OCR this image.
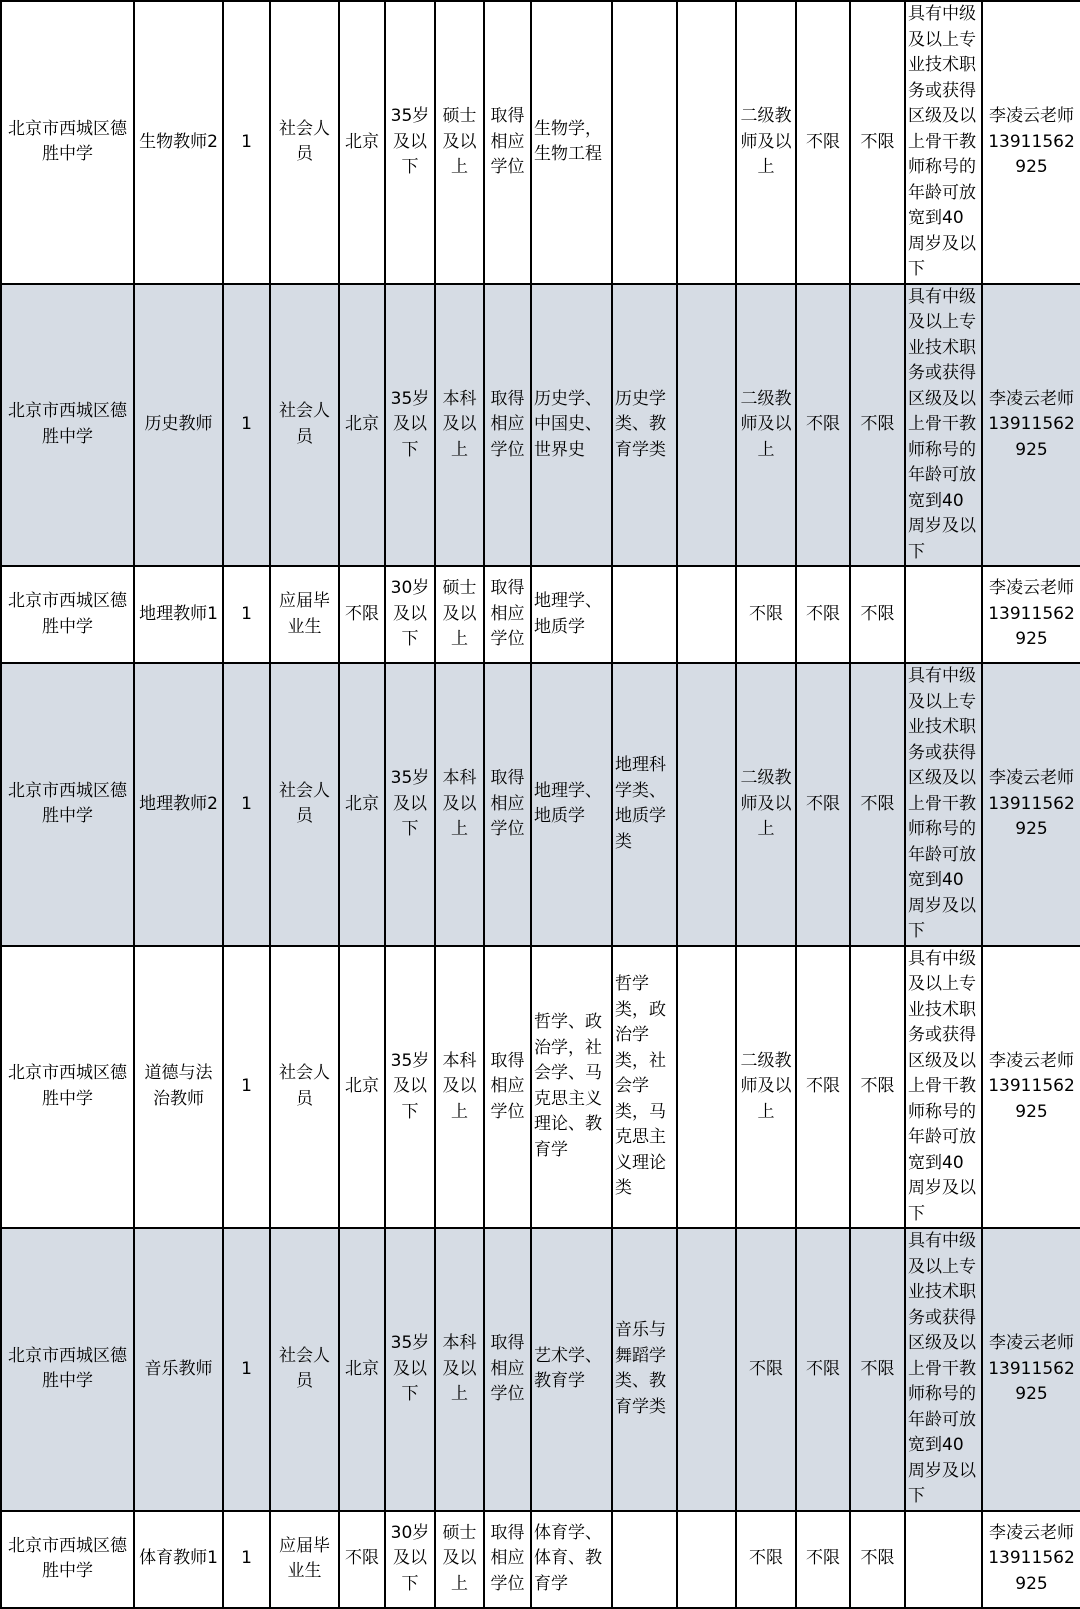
北京市西城区德胜中学	生物教师2	1	社会人员	北京	35岁及以下	硕士及以上	取得相应学位	生物学，生物工程			二级教师及以上	不限	不限	具有中级及以上专业技术职务或获得区级及以上骨干教师称号的年龄可放宽到40周岁及以下	李凌云老师13911562925
北京市西城区德胜中学	历史教师	1	社会人员	北京	35岁及以下	本科及以上	取得相应学位	历史学、中国史、世界史	历史学类、教育学类		二级教师及以上	不限	不限	具有中级及以上专业技术职务或获得区级及以上骨干教师称号的年龄可放宽到40周岁及以下	李凌云老师13911562925
北京市西城区德胜中学	地理教师1	1	应届毕业生	不限	30岁及以下	硕士及以上	取得相应学位	地理学、地质学			不限	不限	不限		李凌云老师13911562925
北京市西城区德胜中学	地理教师2	1	社会人员	北京	35岁及以下	本科及以上	取得相应学位	地理学、地质学	地理科学类、地质学类		二级教师及以上	不限	不限	具有中级及以上专业技术职务或获得区级及以上骨干教师称号的年龄可放宽到40周岁及以下	李凌云老师13911562925
北京市西城区德胜中学	道德与法治教师	1	社会人员	北京	35岁及以下	本科及以上	取得相应学位	哲学、政治学，社会学、马克思主义理论、教育学	哲学类，政治学类，社会学类，马克思主义理论类		二级教师及以上	不限	不限	具有中级及以上专业技术职务或获得区级及以上骨干教师称号的年龄可放宽到40周岁及以下	李凌云老师13911562925
北京市西城区德胜中学	音乐教师	1	社会人员	北京	35岁及以下	本科及以上	取得相应学位	艺术学、教育学	音乐与舞蹈学类、教育学类		不限	不限	不限	具有中级及以上专业技术职务或获得区级及以上骨干教师称号的年龄可放宽到40周岁及以下	李凌云老师13911562925
北京市西城区德胜中学	体育教师1	1	应届毕业生	不限	30岁及以下	硕士及以上	取得相应学位	体育学、体育、教育学			不限	不限	不限		李凌云老师13911562925
